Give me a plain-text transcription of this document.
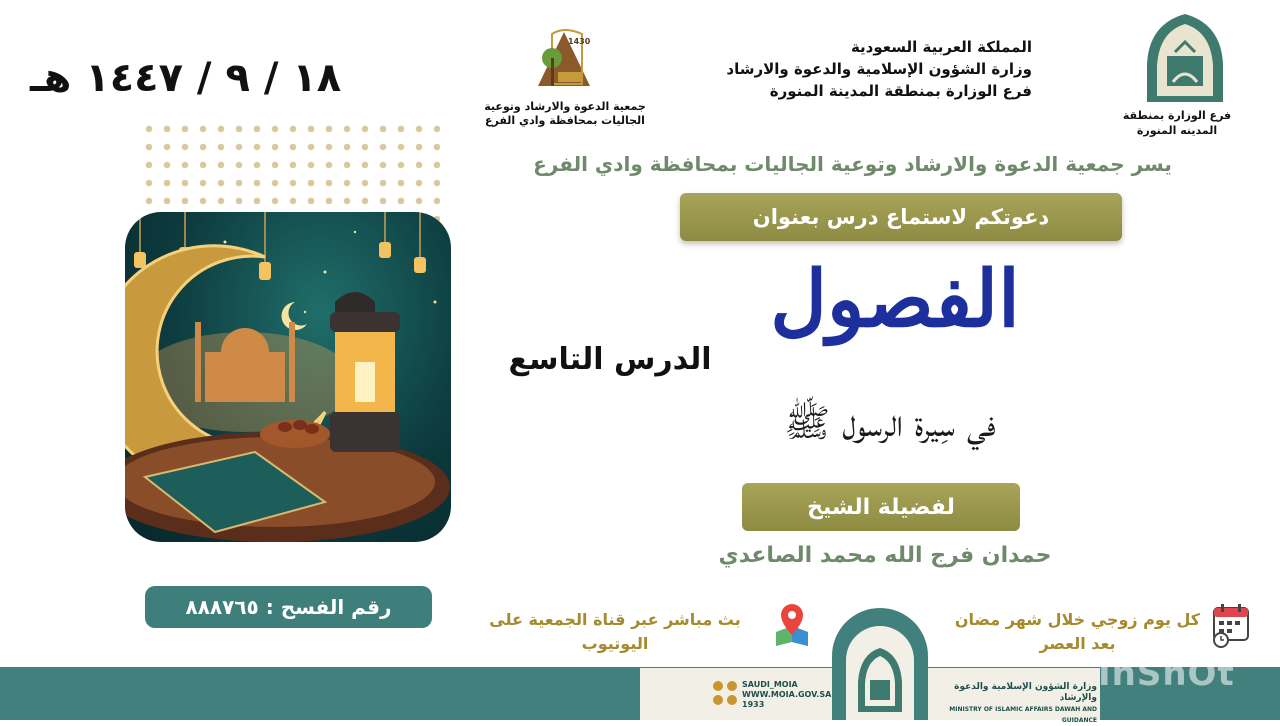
١٨ / ٩ / ١٤٤٧ هـ
رقم الفسح : ٨٨٨٧٦٥
الدرس التاسع
1430
جمعية الدعوة والارشاد وتوعية
الجاليات بمحافظة وادي الفرع
المملكة العربية السعودية
وزارة الشؤون الإسلامية والدعوة والارشاد
فرع الوزارة بمنطقة المدينة المنورة
فرع الوزارة بمنطقة
المدينه المنورة
يسر جمعية الدعوة والارشاد وتوعية الجاليات بمحافظة وادي الفرع
دعوتكم لاستماع درس بعنوان
الفصول
في سِيرة الرسول ﷺ
لفضيلة الشيخ
حمدان فرج الله محمد الصاعدي
بث مباشر عبر قناة الجمعية على
اليوتيوب
كل يوم زوجي خلال شهر مضان
بعد العصر
SAUDI_MOIA
WWW.MOIA.GOV.SA
1933
وزارة الشؤون الإسلامية والدعوة والإرشاد
MINISTRY OF ISLAMIC AFFAIRS DAWAH AND GUIDANCE
InShOt
